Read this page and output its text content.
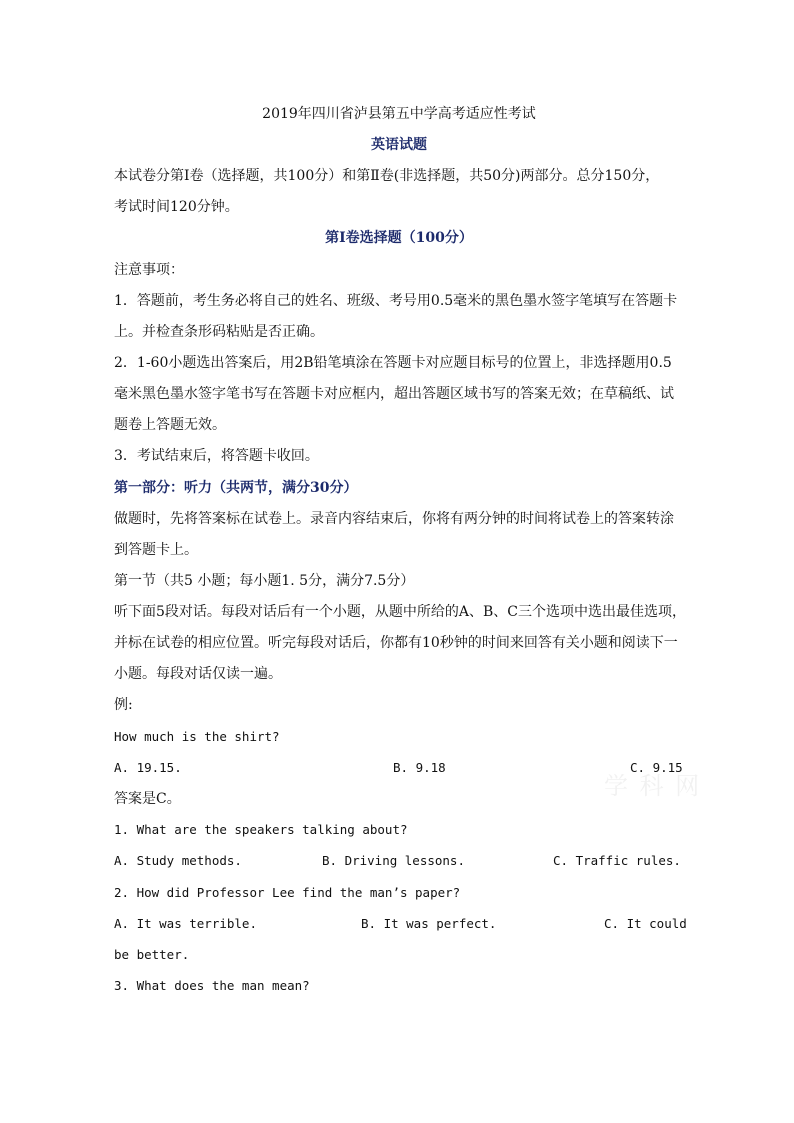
2019年四川省泸县第五中学高考适应性考试
英语试题
本试卷分第Ⅰ卷（选择题，共100分）和第Ⅱ卷(非选择题，共50分)两部分。总分150分，
考试时间120分钟。
第Ⅰ卷选择题（100分）
注意事项：
1．答题前，考生务必将自己的姓名、班级、考号用0.5毫米的黑色墨水签字笔填写在答题卡
上。并检查条形码粘贴是否正确。
2．1-60小题选出答案后，用2B铅笔填涂在答题卡对应题目标号的位置上，非选择题用0.5
毫米黑色墨水签字笔书写在答题卡对应框内，超出答题区域书写的答案无效；在草稿纸、试
题卷上答题无效。
3．考试结束后，将答题卡收回。
第一部分：听力（共两节，满分30分）
做题时，先将答案标在试卷上。录音内容结束后，你将有两分钟的时间将试卷上的答案转涂
到答题卡上。
第一节（共5 小题；每小题1. 5分，满分7.5分）
听下面5段对话。每段对话后有一个小题，从题中所给的A、B、C三个选项中选出最佳选项，
并标在试卷的相应位置。听完每段对话后，你都有10秒钟的时间来回答有关小题和阅读下一
小题。每段对话仅读一遍。
例:
How much is the shirt?
A. 19.15.	B. 9.18	C. 9.15
答案是C。
1. What are the speakers talking about?
A. Study methods.	B. Driving lessons.	C. Traffic rules.
2. How did Professor Lee find the man’s paper?
A. It was terrible.	B. It was perfect.	C. It could
be better.
3. What does the man mean?
学 科 网
